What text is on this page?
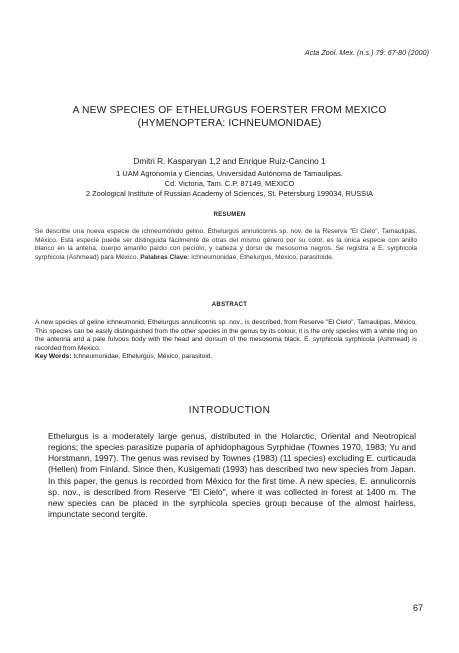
Acta Zool. Mex. (n.s.) 79: 67-80 (2000)
A NEW SPECIES OF ETHELURGUS FOERSTER FROM MEXICO
(HYMENOPTERA: ICHNEUMONIDAE)
Dmitri R. Kasparyan 1,2 and Enrique Ruíz-Cancino 1
1 UAM Agronomía y Ciencias, Universidad Autónoma de Tamaulipas.
Cd. Victoria, Tam. C.P. 87149, MEXICO
2 Zoological Institute of Russian Academy of Sciences, St. Petersburg 199034, RUSSIA
RESUMEN
Se describe una nueva especie de ichneumónido gelino, Ethelurgus annulicornis sp. nov. de la Reserva "El Cielo", Tamaulipas, México. Esta especie puede ser distinguida fácilmente de otras del mismo género por su color, es la única especie con anillo blanco en la antena, cuerpo amarillo pardo con pecíolo, y cabeza y dorso de mesosoma negros. Se registra a E. syrphicola syrphicola (Ashmead) para México. Palabras Clave: Ichneumonidae, Ethelurgus, México, parasitoide.
ABSTRACT
A new species of geline ichneumonid, Ethelurgus annulicornis sp. nov., is described, from Reserve "El Cielo", Tamaulipas, México. This species can be easily distinguished from the other species in the genus by its colour, it is the only species with a white ring on the antenna and a pale fulvous body with the head and dorsum of the mesosoma black. E. syrphicola syrphicola (Ashmead) is recorded from Mexico.
Key Words: Ichneumonidae, Ethelurgus, México, parasitoid.
INTRODUCTION
Ethelurgus is a moderately large genus, distributed in the Holarctic, Oriental and Neotropical regions; the species parasitize puparia of aphidophagous Syrphidae (Townes 1970, 1983; Yu and Horstmann, 1997). The genus was revised by Townes (1983) (11 species) excluding E. curticauda (Hellen) from Finland. Since then, Kusigemati (1993) has described two new species from Japan. In this paper, the genus is recorded from México for the first time. A new species, E. annulicornis sp. nov., is described from Reserve "El Cielo", where it was collected in forest at 1400 m. The new species can be placed in the syrphicola species group because of the almost hairless, impunctate second tergite.
67
